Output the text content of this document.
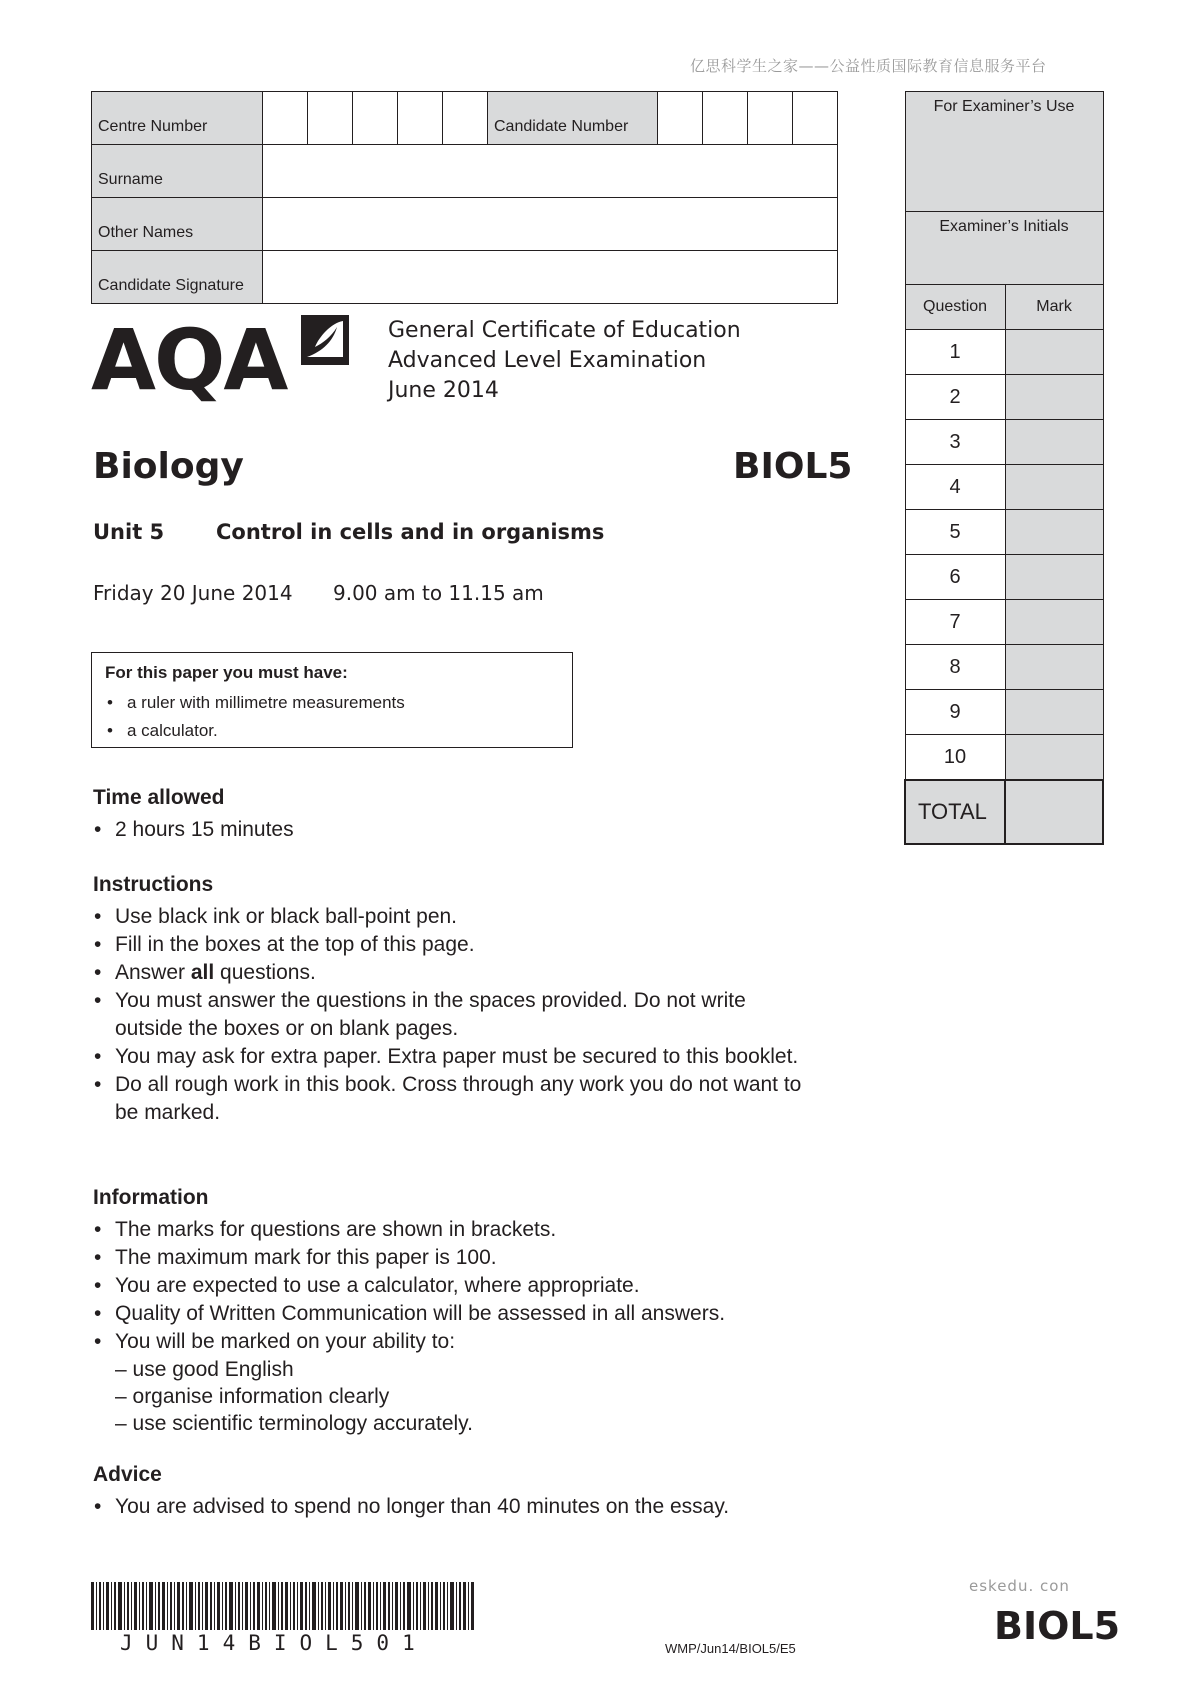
亿思科学生之家——公益性质国际教育信息服务平台
Centre Number						Candidate Number				
Surname										
Other Names										
Candidate Signature										
For Examiner’s Use	
Examiner’s Initials	
Question	Mark
1	
2	
3	
4	
5	
6	
7	
8	
9	
10	
TOTAL	
AQA	General Certificate of Education
Advanced Level Examination
June 2014
Biology	BIOL5
Unit 5 Control in cells and in organisms
Friday 20 June 2014 9.00 am to 11.15 am
For this paper you must have:
• a ruler with millimetre measurements
• a calculator.
Time allowed
• 2 hours 15 minutes
Instructions
• Use black ink or black ball-point pen.
• Fill in the boxes at the top of this page.
• Answer all questions.
• You must answer the questions in the spaces provided. Do not write outside the boxes or on blank pages.
• You may ask for extra paper. Extra paper must be secured to this booklet.
• Do all rough work in this book. Cross through any work you do not want to be marked.
Information
• The marks for questions are shown in brackets.
• The maximum mark for this paper is 100.
• You are expected to use a calculator, where appropriate.
• Quality of Written Communication will be assessed in all answers.
• You will be marked on your ability to:
– use good English
– organise information clearly
– use scientific terminology accurately.
Advice
• You are advised to spend no longer than 40 minutes on the essay.
JUN14BIOL501	WMP/Jun14/BIOL5/E5
eskedu. con
BIOL5
